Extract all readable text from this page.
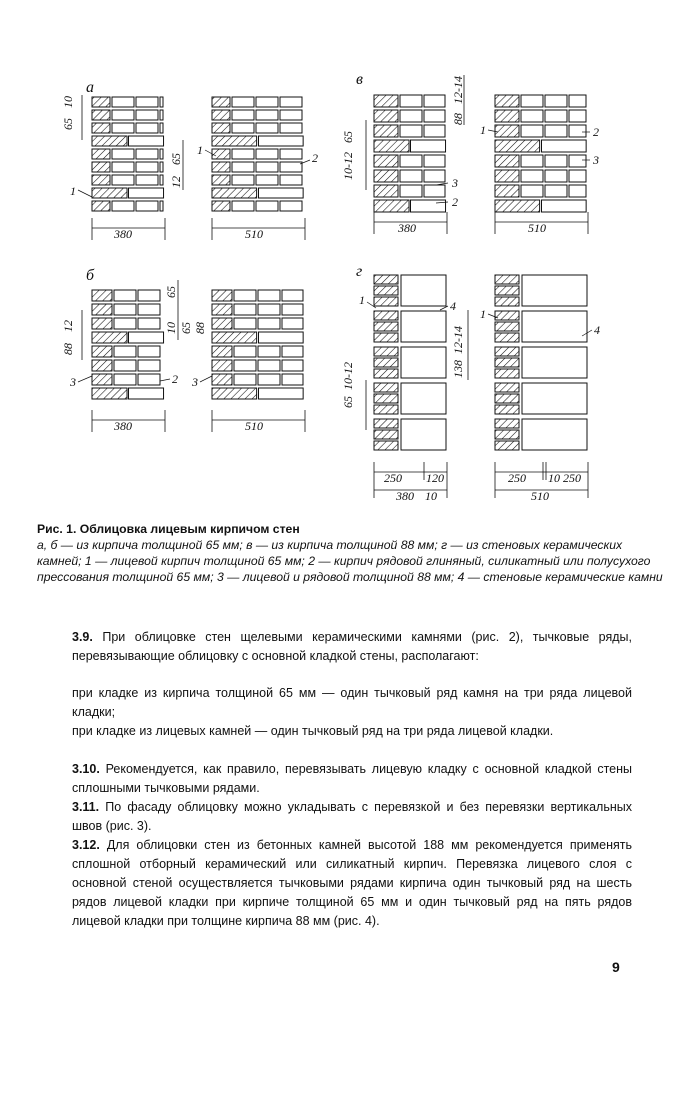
а	в
б	г
380	510	380	510
380	510
250 120
380 10
250 10 250
510
65
10
65
12
88
12-14
65
10-12
65
88
12	10 65 88
138
12-14
65
10-12
1
1
2
3
2
1	2
3
3	2 3
1	4
1
4
Рис. 1. Облицовка лицевым кирпичом стен
а, б — из кирпича толщиной 65 мм; в — из кирпича толщиной 88 мм; г — из стеновых керамических камней; 1 — лицевой кирпич толщиной 65 мм; 2 — кирпич рядовой глиняный, силикатный или полусухого прессования толщиной 65 мм; 3 — лицевой и рядовой толщиной 88 мм; 4 — стеновые керамические камни
3.9. При облицовке стен щелевыми керамическими камнями (рис. 2), тычковые ряды, перевязывающие облицовку с основной кладкой стены, располагают:
при кладке из кирпича толщиной 65 мм — один тычковый ряд камня на три ряда лицевой кладки;
при кладке из лицевых камней — один тычковый ряд на три ряда лицевой кладки.
3.10. Рекомендуется, как правило, перевязывать лицевую кладку с основной кладкой стены сплошными тычковыми рядами.
3.11. По фасаду облицовку можно укладывать с перевязкой и без перевязки вертикальных швов (рис. 3).
3.12. Для облицовки стен из бетонных камней высотой 188 мм рекомендуется применять сплошной отборный керамический или силикатный кирпич. Перевязка лицевого слоя с основной стеной осуществляется тычковыми рядами кирпича один тычковый ряд на шесть рядов лицевой кладки при кирпиче толщиной 65 мм и один тычковый ряд на пять рядов лицевой кладки при толщине кирпича 88 мм (рис. 4).
9
